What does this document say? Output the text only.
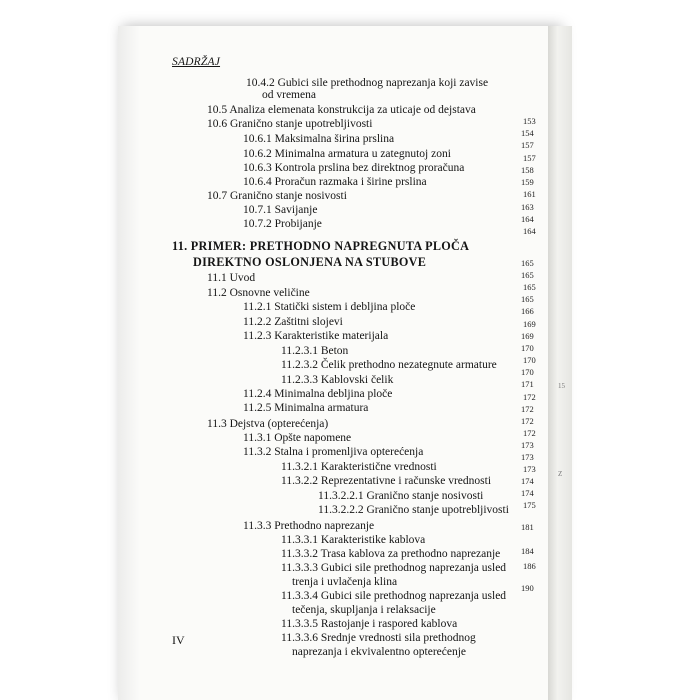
SADRŽAJ
10.4.2 Gubici sile prethodnog naprezanja koji zavise
od vremena
10.5 Analiza elemenata konstrukcija za uticaje od dejstava
10.6 Granično stanje upotrebljivosti
10.6.1 Maksimalna širina prslina
10.6.2 Minimalna armatura u zategnutoj zoni
10.6.3 Kontrola prslina bez direktnog proračuna
10.6.4 Proračun razmaka i širine prslina
10.7 Granično stanje nosivosti
10.7.1 Savijanje
10.7.2 Probijanje
11. PRIMER: PRETHODNO NAPREGNUTA PLOČA
DIREKTNO OSLONJENA NA STUBOVE
11.1 Uvod
11.2 Osnovne veličine
11.2.1 Statički sistem i debljina ploče
11.2.2 Zaštitni slojevi
11.2.3 Karakteristike materijala
11.2.3.1 Beton
11.2.3.2 Čelik prethodno nezategnute armature
11.2.3.3 Kablovski čelik
11.2.4 Minimalna debljina ploče
11.2.5 Minimalna armatura
11.3 Dejstva (opterećenja)
11.3.1 Opšte napomene
11.3.2 Stalna i promenljiva opterećenja
11.3.2.1 Karakteristične vrednosti
11.3.2.2 Reprezentativne i računske vrednosti
11.3.2.2.1 Granično stanje nosivosti
11.3.2.2.2 Granično stanje upotrebljivosti
11.3.3 Prethodno naprezanje
11.3.3.1 Karakteristike kablova
11.3.3.2 Trasa kablova za prethodno naprezanje
11.3.3.3 Gubici sile prethodnog naprezanja usled
trenja i uvlačenja klina
11.3.3.4 Gubici sile prethodnog naprezanja usled
tečenja, skupljanja i relaksacije
11.3.3.5 Rastojanje i raspored kablova
11.3.3.6 Srednje vrednosti sila prethodnog
naprezanja i ekvivalentno opterećenje
153
154
157
157
158
159
161
163
164
164
165
165
165
165
166
169
169
170
170
170
171
172
172
172
172
173
173
173
174
174
175
181
184
186
190
IV
15
Z
